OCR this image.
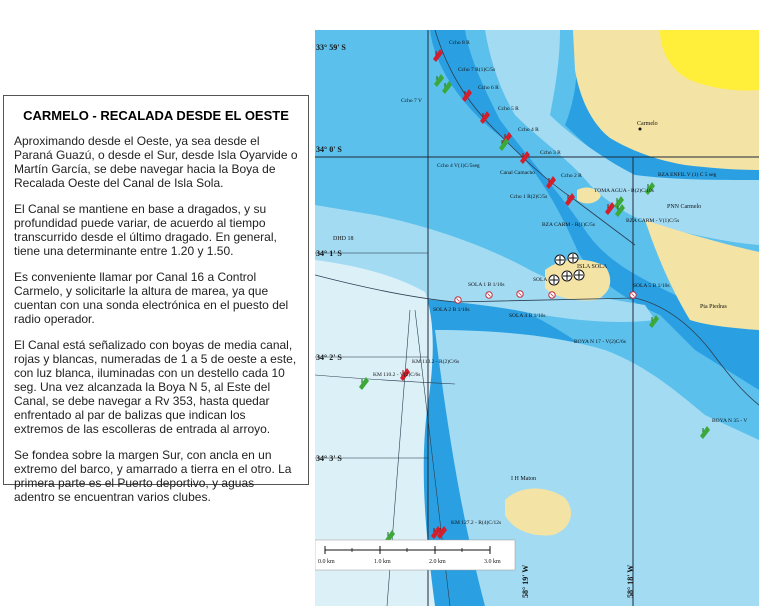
CARMELO - RECALADA DESDE EL OESTE

Aproximando desde el Oeste, ya sea desde el Paraná Guazú, o desde el Sur, desde Isla Oyarvide o Martín García, se debe navegar hacia la Boya de Recalada Oeste del Canal de Isla Sola.

El Canal se mantiene en base a dragados, y su profundidad puede variar, de acuerdo al tiempo transcurrido desde el último dragado. En general, tiene una determinante entre 1.20 y 1.50.

Es conveniente llamar por Canal 16 a Control Carmelo, y solicitarle la altura de marea, ya que cuentan con una sonda electrónica en el puesto del radio operador.

El Canal está señalizado con boyas de media canal, rojas y blancas, numeradas de 1 a 5 de oeste a este, con luz blanca, iluminadas con un destello cada 10 seg. Una vez alcanzada la Boya N 5, al Este del Canal, se debe navegar a Rv 353, hasta quedar enfrentado al par de balizas que indican los extremos de las escolleras de entrada al arroyo.

Se fondea sobre la margen Sur, con ancla en un extremo del barco, y amarrado a tierra en el otro. La primera parte es el Puerto deportivo, y aguas adentro se encuentran varios clubes.

33° 59' S
34° 0' S
34° 1' S
34° 2' S
34° 3' S
58° 19' W	58° 18' W
Carmelo
ISLA SOLA
Pta Piedras
I H Maton
PNN Carmelo
DHD 18
Ccho 8 R
Ccho 7 R(1)C/5s
Ccho 7 V
Ccho 6 R
Ccho 5 R
Ccho 4 R
Ccho 3 R
Ccho 4 V(1)C/5seg
Canal Camacho	Ccho 2 R
Ccho 1 R(2)C/5s
TOMA AGUA - B(2)C/10s
BZA ENFIL V (1) C 5 seg
BZA CARM - R(1)C/5s
BZA CARM - V(1)C/5s
SOLA
SOLA 1 B 1/10s
SOLA 2 B 1/10s
SOLA 4 B 1/10s
SOLA 5 B 1/10s
BOYA N 17 - V(2)C/6s
BOYA N 35 - V
KM 110.2 - R(2)C/6s
KM 110.2 - V(2)C/6s
KM 127.2 - R(4)C/12s
0.0 km	1.0 km	2.0 km	3.0 km
